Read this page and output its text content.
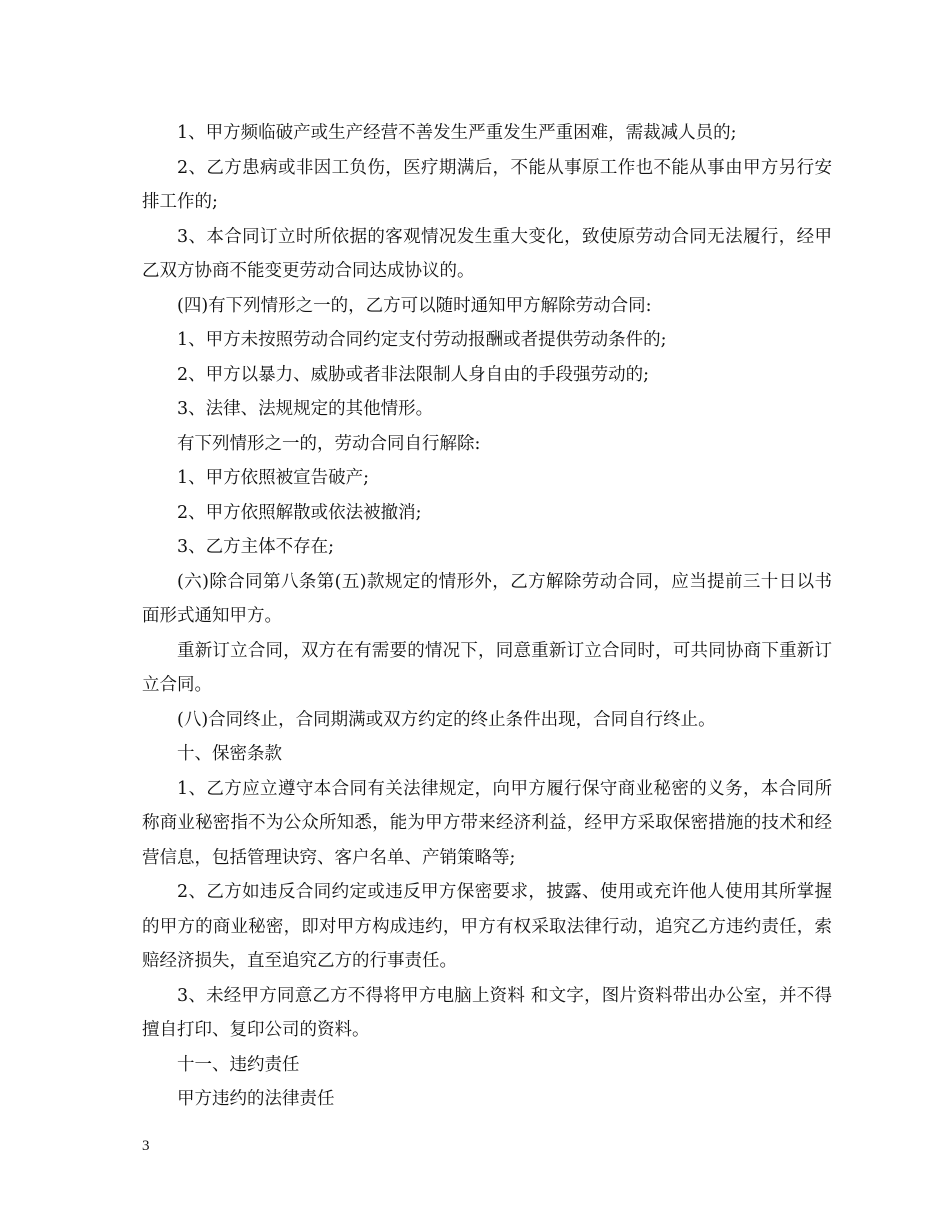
1、甲方频临破产或生产经营不善发生严重发生严重困难，需裁减人员的;

2、乙方患病或非因工负伤，医疗期满后，不能从事原工作也不能从事由甲方另行安排工作的;

3、本合同订立时所依据的客观情况发生重大变化，致使原劳动合同无法履行，经甲乙双方协商不能变更劳动合同达成协议的。

(四)有下列情形之一的，乙方可以随时通知甲方解除劳动合同:

1、甲方未按照劳动合同约定支付劳动报酬或者提供劳动条件的;

2、甲方以暴力、威胁或者非法限制人身自由的手段强劳动的;

3、法律、法规规定的其他情形。

有下列情形之一的，劳动合同自行解除:

1、甲方依照被宣告破产;

2、甲方依照解散或依法被撤消;

3、乙方主体不存在;

(六)除合同第八条第(五)款规定的情形外，乙方解除劳动合同，应当提前三十日以书面形式通知甲方。

重新订立合同，双方在有需要的情况下，同意重新订立合同时，可共同协商下重新订立合同。

(八)合同终止，合同期满或双方约定的终止条件出现，合同自行终止。

十、保密条款

1、乙方应立遵守本合同有关法律规定，向甲方履行保守商业秘密的义务，本合同所称商业秘密指不为公众所知悉，能为甲方带来经济利益，经甲方采取保密措施的技术和经营信息，包括管理诀窍、客户名单、产销策略等;

2、乙方如违反合同约定或违反甲方保密要求，披露、使用或充许他人使用其所掌握的甲方的商业秘密，即对甲方构成违约，甲方有权采取法律行动，追究乙方违约责任，索赔经济损失，直至追究乙方的行事责任。

3、未经甲方同意乙方不得将甲方电脑上资料 和文字，图片资料带出办公室，并不得擅自打印、复印公司的资料。

十一、违约责任

甲方违约的法律责任

3
